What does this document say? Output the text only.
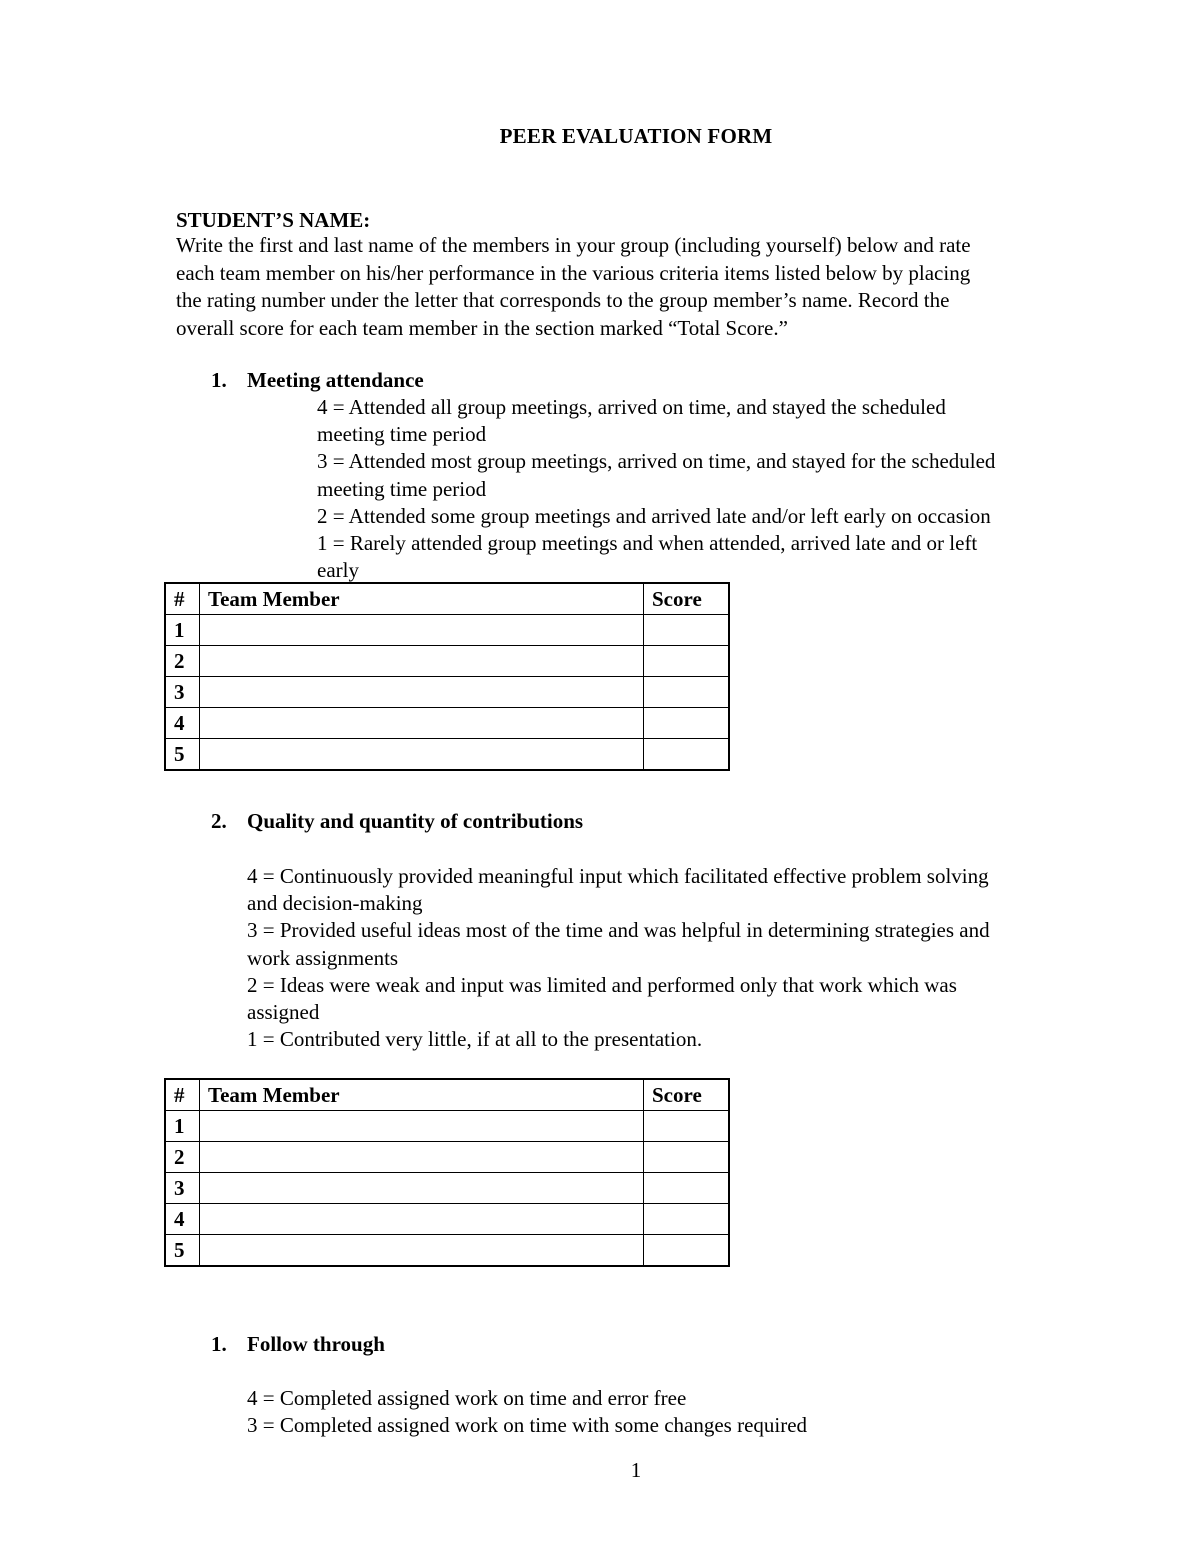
PEER EVALUATION FORM
STUDENT’S NAME:
Write the first and last name of the members in your group (including yourself) below and rate
each team member on his/her performance in the various criteria items listed below by placing
the rating number under the letter that corresponds to the group member’s name. Record the
overall score for each team member in the section marked “Total Score.”
1. Meeting attendance
4 = Attended all group meetings, arrived on time, and stayed the scheduled
meeting time period
3 = Attended most group meetings, arrived on time, and stayed for the scheduled
meeting time period
2 = Attended some group meetings and arrived late and/or left early on occasion
1 = Rarely attended group meetings and when attended, arrived late and or left
early
#	Team Member	Score
1		
2		
3		
4		
5		
2. Quality and quantity of contributions
4 = Continuously provided meaningful input which facilitated effective problem solving
and decision-making
3 = Provided useful ideas most of the time and was helpful in determining strategies and
work assignments
2 = Ideas were weak and input was limited and performed only that work which was
assigned
1 = Contributed very little, if at all to the presentation.
#	Team Member	Score
1		
2		
3		
4		
5		
1. Follow through
4 = Completed assigned work on time and error free
3 = Completed assigned work on time with some changes required
1
